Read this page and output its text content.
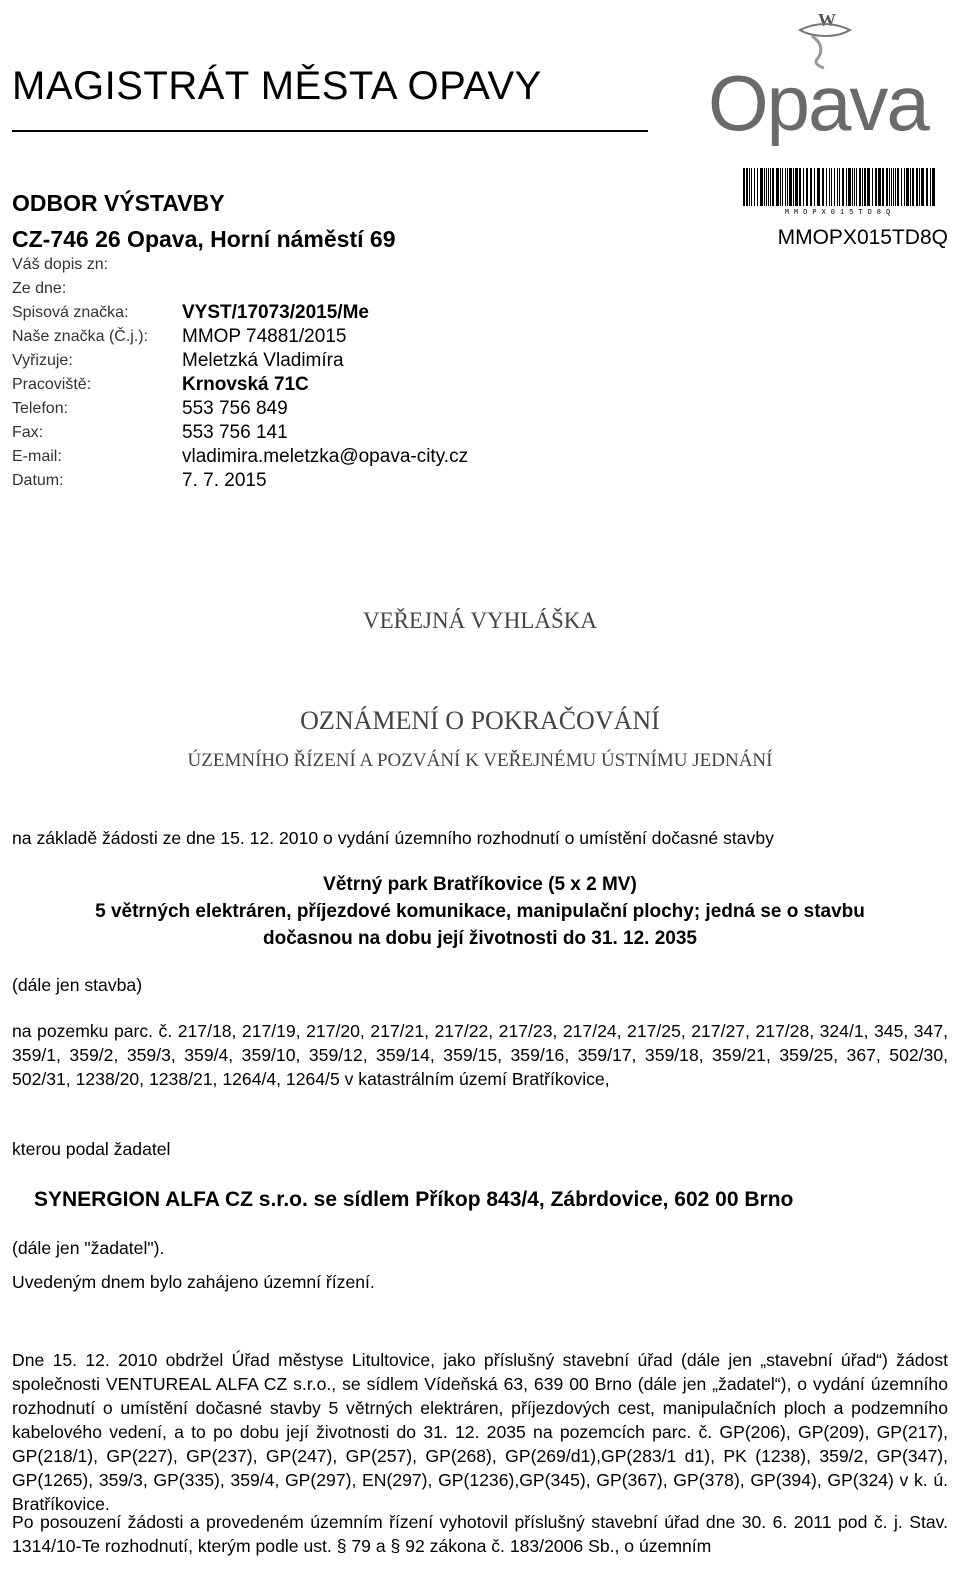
MAGISTRÁT MĚSTA OPAVY
W
Opava
MMOPX015TD8Q
MMOPX015TD8Q
ODBOR VÝSTAVBY
CZ-746 26 Opava, Horní náměstí 69
Váš dopis zn:
Ze dne:
Spisová značka:	VYST/17073/2015/Me
Naše značka (Č.j.): MMOP 74881/2015
Vyřizuje:	Meletzká Vladimíra
Pracoviště:	Krnovská 71C
Telefon:	553 756 849
Fax:	553 756 141
E-mail:	vladimira.meletzka@opava-city.cz
Datum:	7. 7. 2015
VEŘEJNÁ VYHLÁŠKA
OZNÁMENÍ O POKRAČOVÁNÍ
ÚZEMNÍHO ŘÍZENÍ A POZVÁNÍ K VEŘEJNÉMU ÚSTNÍMU JEDNÁNÍ
na základě žádosti ze dne 15. 12. 2010 o vydání územního rozhodnutí o umístění dočasné stavby
Větrný park Bratříkovice (5 x 2 MV)
5 větrných elektráren, příjezdové komunikace, manipulační plochy; jedná se o stavbu
dočasnou na dobu její životnosti do 31. 12. 2035
(dále jen stavba)
na pozemku parc. č. 217/18, 217/19, 217/20, 217/21, 217/22, 217/23, 217/24, 217/25, 217/27, 217/28, 324/1, 345, 347, 359/1, 359/2, 359/3, 359/4, 359/10, 359/12, 359/14, 359/15, 359/16, 359/17, 359/18, 359/21, 359/25, 367, 502/30, 502/31, 1238/20, 1238/21, 1264/4, 1264/5 v katastrálním území Bratříkovice,
kterou podal žadatel
SYNERGION ALFA CZ s.r.o. se sídlem Příkop 843/4, Zábrdovice, 602 00 Brno
(dále jen "žadatel").
Uvedeným dnem bylo zahájeno územní řízení.
Dne 15. 12. 2010 obdržel Úřad městyse Litultovice, jako příslušný stavební úřad (dále jen „stavební úřad“) žádost společnosti VENTUREAL ALFA CZ s.r.o., se sídlem Vídeňská 63, 639 00 Brno (dále jen „žadatel“), o vydání územního rozhodnutí o umístění dočasné stavby 5 větrných elektráren, příjezdových cest, manipulačních ploch a podzemního kabelového vedení, a to po dobu její životnosti do 31. 12. 2035 na pozemcích parc. č. GP(206), GP(209), GP(217), GP(218/1), GP(227), GP(237), GP(247), GP(257), GP(268), GP(269/d1),GP(283/1 d1), PK (1238), 359/2, GP(347), GP(1265), 359/3, GP(335), 359/4, GP(297), EN(297), GP(1236),GP(345), GP(367), GP(378), GP(394), GP(324) v k. ú. Bratříkovice.
Po posouzení žádosti a provedeném územním řízení vyhotovil příslušný stavební úřad dne 30. 6. 2011 pod č. j. Stav. 1314/10-Te rozhodnutí, kterým podle ust. § 79 a § 92 zákona č. 183/2006 Sb., o územním
